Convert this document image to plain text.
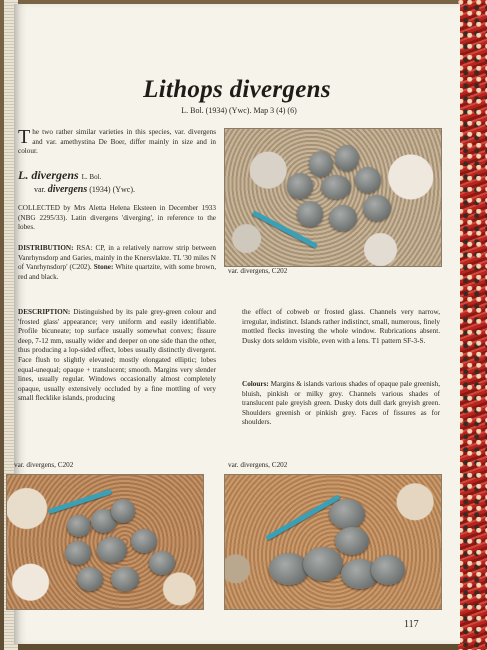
Lithops divergens
L. Bol. (1934) (Ywc). Map 3 (4) (6)
The two rather similar varieties in this species, var. divergens and var. amethystina De Boer, differ mainly in size and in colour.
L. divergens L. Bol.
var. divergens (1934) (Ywc).
COLLECTED by Mrs Aletta Helena Eksteen in December 1933 (NBG 2295/33). Latin divergens 'diverging', in reference to the lobes.
DISTRIBUTION: RSA: CP, in a relatively narrow strip between Vanrhynsdorp and Garies, mainly in the Knersvlakte. TL '30 miles N of Vanrhynsdorp' (C202). Stone: White quartzite, with some brown, red and black.
DESCRIPTION: Distinguished by its pale grey-green colour and 'frosted glass' appearance; very uniform and easily identifiable. Profile bicuneate; top surface usually somewhat convex; fissure deep, 7-12 mm, usually wider and deeper on one side than the other, thus producing a lop-sided effect, lobes usually distinctly divergent. Face flush to slightly elevated; mostly elongated elliptic; lobes equal-unequal; opaque + translucent; smooth. Margins very slender lines, usually regular. Windows occasionally almost completely opaque, usually extensively occluded by a fine mottling of very small flecklike islands, producing
the effect of cobweb or frosted glass. Channels very narrow, irregular, indistinct. Islands rather indistinct, small, numerous, finely mottled flecks investing the whole window. Rubrications absent. Dusky dots seldom visible, even with a lens. T1 pattern SF-3-S.
Colours: Margins & islands various shades of opaque pale greenish, bluish, pinkish or milky grey. Channels various shades of translucent pale greyish green. Dusky dots dull dark greyish green. Shoulders greenish or pinkish grey. Faces of fissures as for shoulders.
var. divergens, C202
var. divergens, C202	var. divergens, C202
117
